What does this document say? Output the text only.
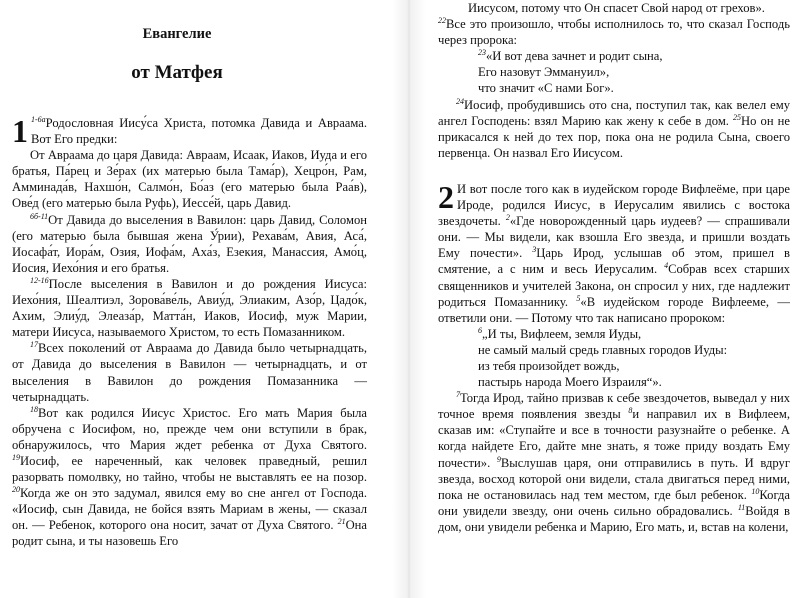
Евангелие
от Матфея

1 $^{1-6а}$Родословная Иису́са Христа, потомка Давида и Авраама. Вот Его предки:

От Авраама до царя Давида: Авраам, Исаак, Иаков, Иуда и его братья, Па́рец и Зе́рах (их матерью была Тама́р), Хецро́н, Рам, Амминада́в, Нахшо́н, Салмо́н, Бо́аз (его матерью была Раа́в), Ове́д (его матерью была Руфь), Иессе́й, царь Давид.

$^{6б-11}$От Давида до выселения в Вавилон: царь Давид, Соломон (его матерью была бывшая жена У́рии), Рехава́м, Авия, Аса́, Иосафа́т, Иора́м, Озия, Иофа́м, Аха́з, Езекия, Манассия, Амо́ц, Иосия, Иехо́ния и его братья.

$^{12-16}$После выселения в Вавилон и до рождения Иисуса: Иехо́ния, Шеалтиэл, Зорова́ве́ль, Авиу́д, Элиаким, Азо́р, Цадо́к, Ахим, Элиу́д, Элеаза́р, Матта́н, Иаков, Иосиф, муж Марии, матери Иисуса, называемого Христом, то есть Помазанником.

$^{17}$Всех поколений от Авраама до Давида было четырнадцать, от Давида до выселения в Вавилон — четырнадцать, и от выселения в Вавилон до рождения Помазанника — четырнадцать.

$^{18}$Вот как родился Иисус Христос. Его мать Мария была обручена с Иосифом, но, прежде чем они вступили в брак, обнаружилось, что Мария ждет ребенка от Духа Святого. $^{19}$Иосиф, ее нареченный, как человек праведный, решил разорвать помолвку, но тайно, чтобы не выставлять ее на позор. $^{20}$Когда же он это задумал, явился ему во сне ангел от Господа. «Иосиф, сын Давида, не бойся взять Мариам в жены, — сказал он. — Ребенок, которого она носит, зачат от Духа Святого. $^{21}$Она родит сына, и ты назовешь Его

Иисусом, потому что Он спасет Свой народ от грехов».

$^{22}$Все это произошло, чтобы исполнилось то, что сказал Господь через пророка:

$^{23}$«И вот дева зачнет и родит сына,

Его назовут Эммануил»,

что значит «С нами Бог».

$^{24}$Иосиф, пробудившись ото сна, поступил так, как велел ему ангел Господень: взял Марию как жену к себе в дом. $^{25}$Но он не прикасался к ней до тех пор, пока она не родила Сына, своего первенца. Он назвал Его Иисусом.

2 И вот после того как в иудейском городе Вифлеёме, при царе Ироде, родился Иисус, в Иерусалим явились с востока звездочеты. $^2$«Где новорожденный царь иудеев? — спрашивали они. — Мы видели, как взошла Его звезда, и пришли воздать Ему почести». $^3$Царь Ирод, услышав об этом, пришел в смятение, а с ним и весь Иерусалим. $^4$Собрав всех старших священников и учителей Закона, он спросил у них, где надлежит родиться Помазаннику. $^5$«В иудейском городе Вифлееме, — ответили они. — Потому что так написано пророком:

$^6$„И ты, Вифлеем, земля Иуды,

не самый малый средь главных городов Иуды:

из тебя произойдет вождь,

пастырь народа Моего Израиля“».

$^7$Тогда Ирод, тайно призвав к себе звездочетов, выведал у них точное время появления звезды $^8$и направил их в Вифлеем, сказав им: «Ступайте и все в точности разузнайте о ребенке. А когда найдете Его, дайте мне знать, я тоже приду воздать Ему почести». $^9$Выслушав царя, они отправились в путь. И вдруг звезда, восход которой они видели, стала двигаться перед ними, пока не остановилась над тем местом, где был ребенок. $^{10}$Когда они увидели звезду, они очень сильно обрадовались. $^{11}$Войдя в дом, они увидели ребенка и Марию, Его мать, и, встав на колени,
